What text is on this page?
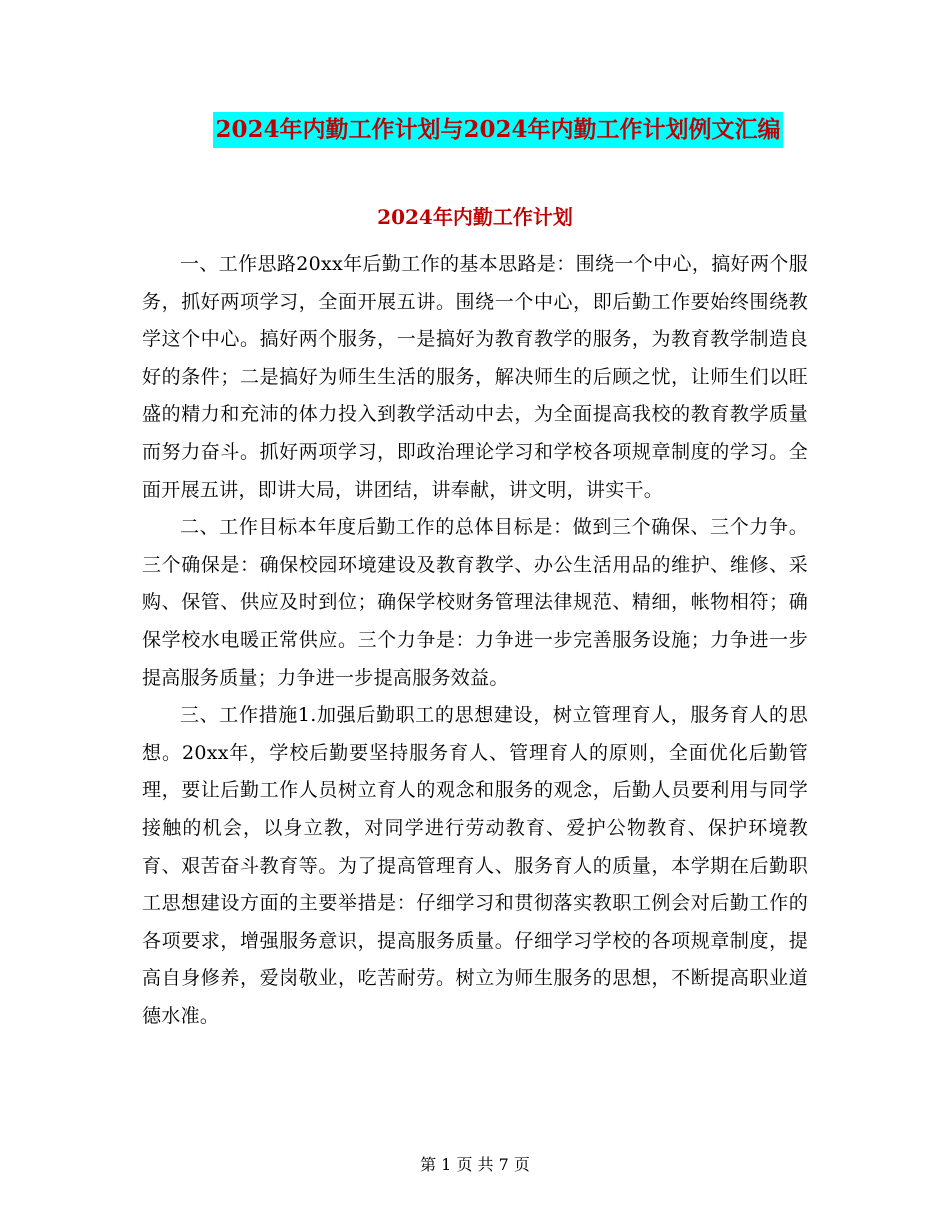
2024年内勤工作计划与2024年内勤工作计划例文汇编
2024年内勤工作计划

一、工作思路20xx年后勤工作的基本思路是：围绕一个中心，搞好两个服务，抓好两项学习，全面开展五讲。围绕一个中心，即后勤工作要始终围绕教学这个中心。搞好两个服务，一是搞好为教育教学的服务，为教育教学制造良好的条件；二是搞好为师生生活的服务，解决师生的后顾之忧，让师生们以旺盛的精力和充沛的体力投入到教学活动中去，为全面提高我校的教育教学质量而努力奋斗。抓好两项学习，即政治理论学习和学校各项规章制度的学习。全面开展五讲，即讲大局，讲团结，讲奉献，讲文明，讲实干。

二、工作目标本年度后勤工作的总体目标是：做到三个确保、三个力争。三个确保是：确保校园环境建设及教育教学、办公生活用品的维护、维修、采购、保管、供应及时到位；确保学校财务管理法律规范、精细，帐物相符；确保学校水电暖正常供应。三个力争是：力争进一步完善服务设施；力争进一步提高服务质量；力争进一步提高服务效益。

三、工作措施1.加强后勤职工的思想建设，树立管理育人，服务育人的思想。20xx年，学校后勤要坚持服务育人、管理育人的原则，全面优化后勤管理，要让后勤工作人员树立育人的观念和服务的观念，后勤人员要利用与同学接触的机会，以身立教，对同学进行劳动教育、爱护公物教育、保护环境教育、艰苦奋斗教育等。为了提高管理育人、服务育人的质量，本学期在后勤职工思想建设方面的主要举措是：仔细学习和贯彻落实教职工例会对后勤工作的各项要求，增强服务意识，提高服务质量。仔细学习学校的各项规章制度，提高自身修养，爱岗敬业，吃苦耐劳。树立为师生服务的思想，不断提高职业道德水准。

第 1 页 共 7 页
